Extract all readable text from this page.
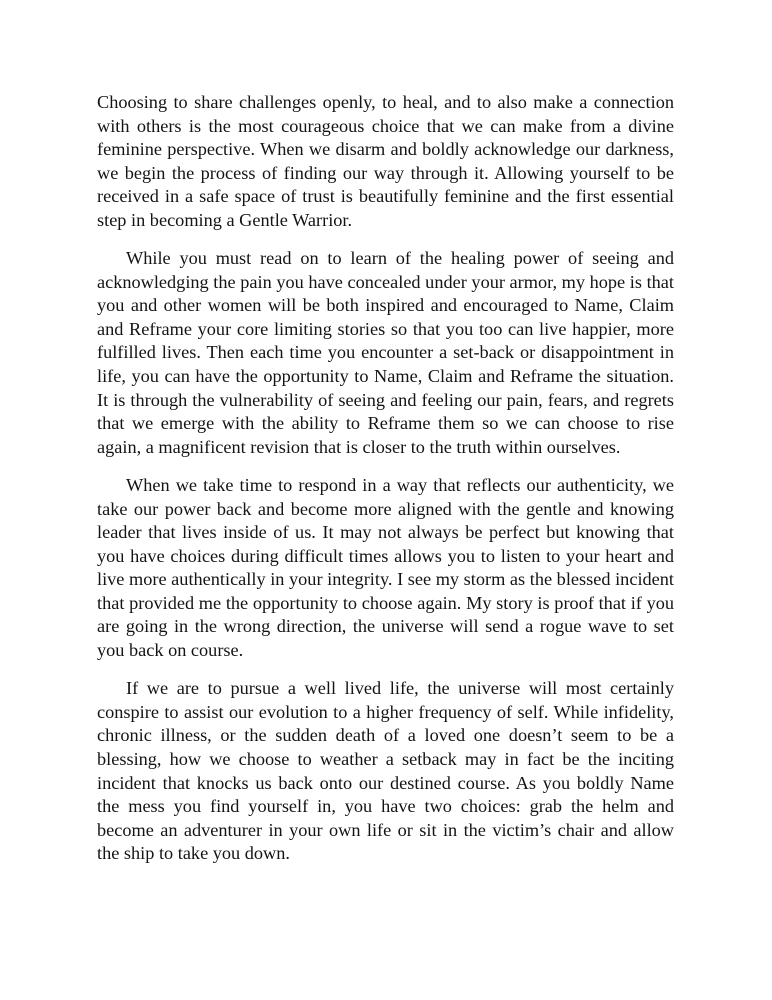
Choosing to share challenges openly, to heal, and to also make a connection with others is the most courageous choice that we can make from a divine feminine perspective. When we disarm and boldly acknowledge our darkness, we begin the process of finding our way through it. Allowing yourself to be received in a safe space of trust is beautifully feminine and the first essential step in becoming a Gentle Warrior.

While you must read on to learn of the healing power of seeing and acknowledging the pain you have concealed under your armor, my hope is that you and other women will be both inspired and encouraged to Name, Claim and Reframe your core limiting stories so that you too can live happier, more fulfilled lives. Then each time you encounter a set-back or disappointment in life, you can have the opportunity to Name, Claim and Reframe the situation. It is through the vulnerability of seeing and feeling our pain, fears, and regrets that we emerge with the ability to Reframe them so we can choose to rise again, a magnificent revision that is closer to the truth within ourselves.

When we take time to respond in a way that reflects our authenticity, we take our power back and become more aligned with the gentle and knowing leader that lives inside of us. It may not always be perfect but knowing that you have choices during difficult times allows you to listen to your heart and live more authentically in your integrity. I see my storm as the blessed incident that provided me the opportunity to choose again. My story is proof that if you are going in the wrong direction, the universe will send a rogue wave to set you back on course.

If we are to pursue a well lived life, the universe will most certainly conspire to assist our evolution to a higher frequency of self. While infidelity, chronic illness, or the sudden death of a loved one doesn’t seem to be a blessing, how we choose to weather a setback may in fact be the inciting incident that knocks us back onto our destined course. As you boldly Name the mess you find yourself in, you have two choices: grab the helm and become an adventurer in your own life or sit in the victim’s chair and allow the ship to take you down.
